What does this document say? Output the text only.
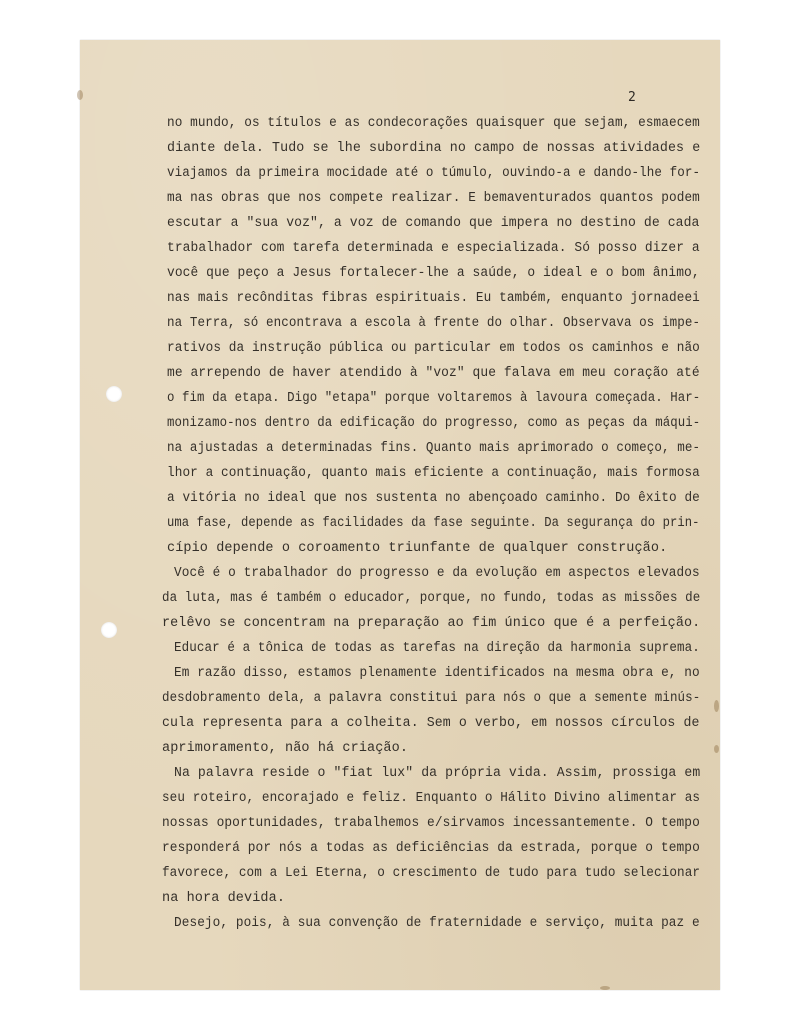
2
no mundo, os títulos e as condecorações quaisquer que sejam, esmaecem
diante dela. Tudo se lhe subordina no campo de nossas atividades e
viajamos da primeira mocidade até o túmulo, ouvindo-a e dando-lhe for-
ma nas obras que nos compete realizar. E bemaventurados quantos podem
escutar a "sua voz", a voz de comando que impera no destino de cada
trabalhador com tarefa determinada e especializada. Só posso dizer a
você que peço a Jesus fortalecer-lhe a saúde, o ideal e o bom ânimo,
nas mais recônditas fibras espirituais. Eu também, enquanto jornadeei
na Terra, só encontrava a escola à frente do olhar. Observava os impe-
rativos da instrução pública ou particular em todos os caminhos e não
me arrependo de haver atendido à "voz" que falava em meu coração até
o fim da etapa. Digo "etapa" porque voltaremos à lavoura começada. Har-
monizamo-nos dentro da edificação do progresso, como as peças da máqui-
na ajustadas a determinadas fins. Quanto mais aprimorado o começo, me-
lhor a continuação, quanto mais eficiente a continuação, mais formosa
a vitória no ideal que nos sustenta no abençoado caminho. Do êxito de
uma fase, depende as facilidades da fase seguinte. Da segurança do prin-
cípio depende o coroamento triunfante de qualquer construção.
Você é o trabalhador do progresso e da evolução em aspectos elevados
da luta, mas é também o educador, porque, no fundo, todas as missões de
relêvo se concentram na preparação ao fim único que é a perfeição.
Educar é a tônica de todas as tarefas na direção da harmonia suprema.
Em razão disso, estamos plenamente identificados na mesma obra e, no
desdobramento dela, a palavra constitui para nós o que a semente minús-
cula representa para a colheita. Sem o verbo, em nossos círculos de
aprimoramento, não há criação.
Na palavra reside o "fiat lux" da própria vida. Assim, prossiga em
seu roteiro, encorajado e feliz. Enquanto o Hálito Divino alimentar as
nossas oportunidades, trabalhemos e/sirvamos incessantemente. O tempo
responderá por nós a todas as deficiências da estrada, porque o tempo
favorece, com a Lei Eterna, o crescimento de tudo para tudo selecionar
na hora devida.
Desejo, pois, à sua convenção de fraternidade e serviço, muita paz e
